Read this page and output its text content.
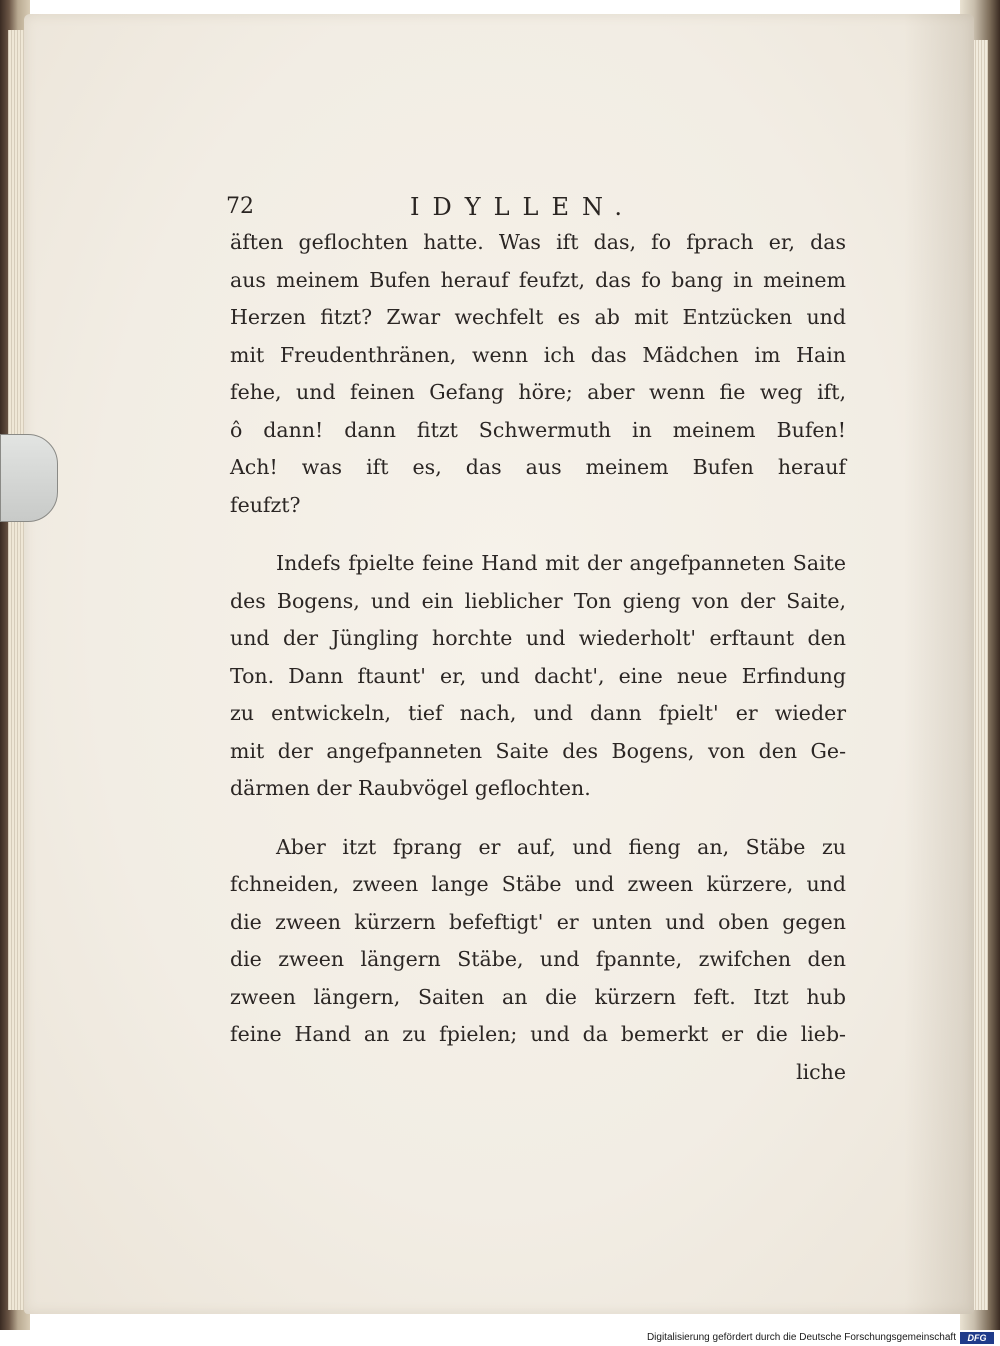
72	IDYLLEN.
äften geflochten hatte. Was ift das, fo fprach er, das
aus meinem Bufen herauf feufzt, das fo bang in meinem
Herzen fitzt? Zwar wechfelt es ab mit Entzücken und
mit Freudenthränen, wenn ich das Mädchen im Hain
fehe, und feinen Gefang höre; aber wenn fie weg ift,
ô dann! dann fitzt Schwermuth in meinem Bufen!
Ach! was ift es, das aus meinem Bufen herauf
feufzt?
Indefs fpielte feine Hand mit der angefpanneten Saite
des Bogens, und ein lieblicher Ton gieng von der Saite,
und der Jüngling horchte und wiederholt' erftaunt den
Ton. Dann ftaunt' er, und dacht', eine neue Erfindung
zu entwickeln, tief nach, und dann fpielt' er wieder
mit der angefpanneten Saite des Bogens, von den Ge-
därmen der Raubvögel geflochten.
Aber itzt fprang er auf, und fieng an, Stäbe zu
fchneiden, zween lange Stäbe und zween kürzere, und
die zween kürzern befeftigt' er unten und oben gegen
die zween längern Stäbe, und fpannte, zwifchen den
zween längern, Saiten an die kürzern feft. Itzt hub
feine Hand an zu fpielen; und da bemerkt er die lieb-
liche
Digitalisierung gefördert durch die Deutsche Forschungsgemeinschaft	DFG
